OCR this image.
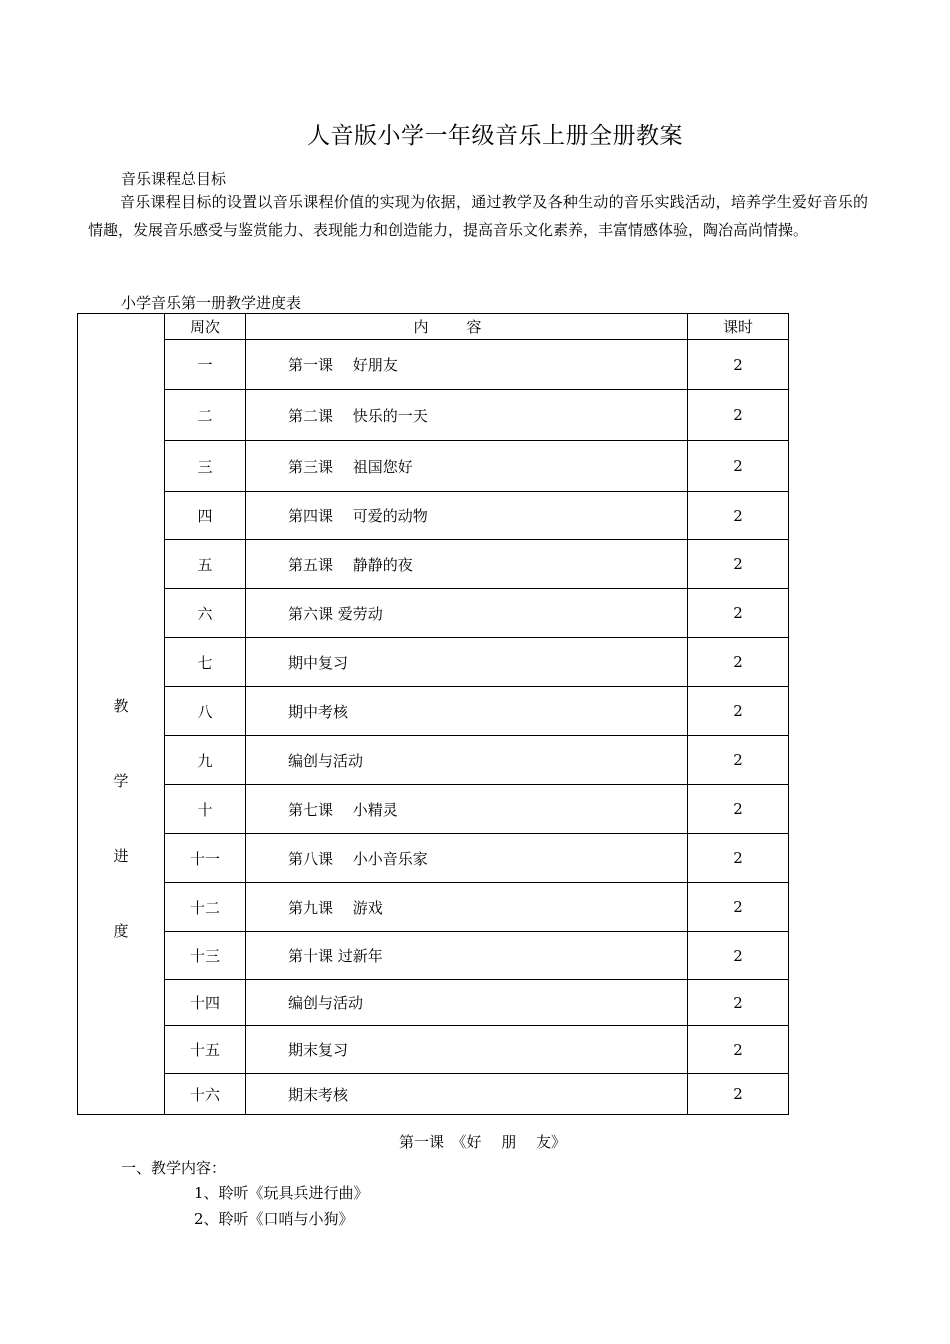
人音版小学一年级音乐上册全册教案
音乐课程总目标

音乐课程目标的设置以音乐课程价值的实现为依据，通过教学及各种生动的音乐实践活动，培养学生爱好音乐的情趣，发展音乐感受与鉴赏能力、表现能力和创造能力，提高音乐文化素养，丰富情感体验，陶冶高尚情操。

小学音乐第一册教学进度表
教
学
进
度	周次	内容	课时
	一	第一课　 好朋友	2
	二	第二课　 快乐的一天	2
	三	第三课　 祖国您好	2
	四	第四课　 可爱的动物	2
	五	第五课　 静静的夜	2
	六	第六课 爱劳动	2
	七	期中复习	2
	八	期中考核	2
	九	编创与活动	2
	十	第七课　 小精灵	2
	十一	第八课　 小小音乐家	2
	十二	第九课　 游戏	2
	十三	第十课 过新年	2
	十四	编创与活动	2
	十五	期末复习	2
	十六	期末考核	2
第一课　《好　 朋　 友》
一、教学内容：
1、聆听《玩具兵进行曲》
2、聆听《口哨与小狗》
